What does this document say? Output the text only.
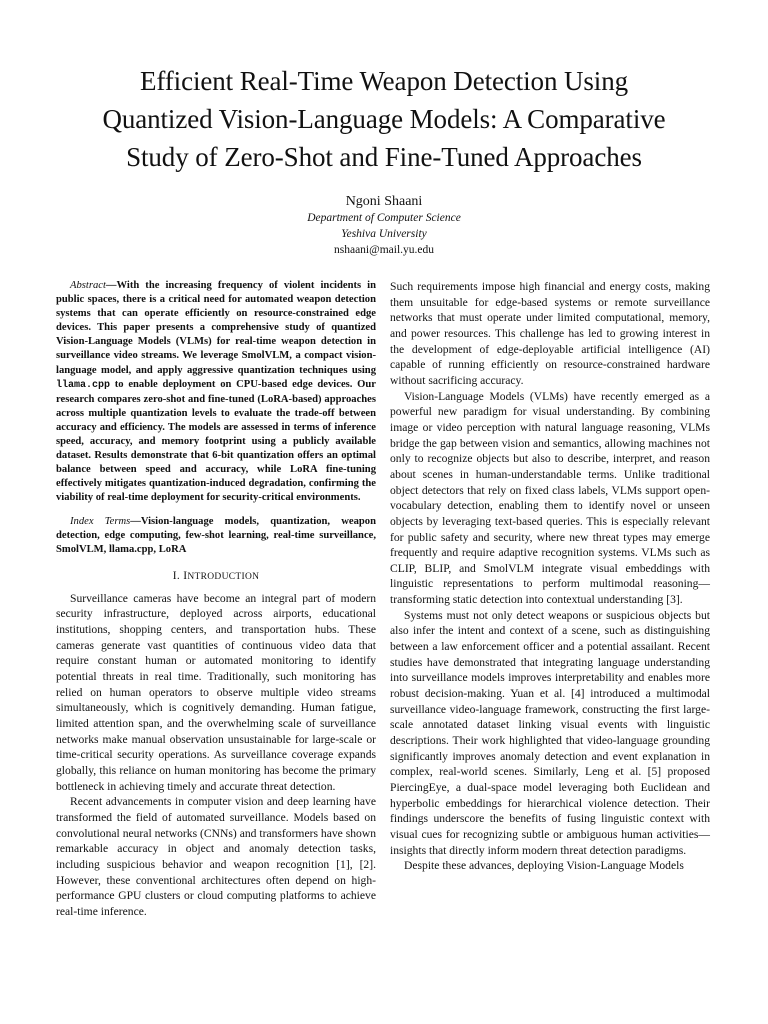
Efficient Real-Time Weapon Detection Using
Quantized Vision-Language Models: A Comparative
Study of Zero-Shot and Fine-Tuned Approaches
Ngoni Shaani
Department of Computer Science
Yeshiva University
nshaani@mail.yu.edu

Abstract—With the increasing frequency of violent incidents in public spaces, there is a critical need for automated weapon detection systems that can operate efficiently on resource-constrained edge devices. This paper presents a comprehensive study of quantized Vision-Language Models (VLMs) for real-time weapon detection in surveillance video streams. We leverage SmolVLM, a compact vision-language model, and apply aggressive quantization techniques using llama.cpp to enable deployment on CPU-based edge devices. Our research compares zero-shot and fine-tuned (LoRA-based) approaches across multiple quantization levels to evaluate the trade-off between accuracy and efficiency. The models are assessed in terms of inference speed, accuracy, and memory footprint using a publicly available dataset. Results demonstrate that 6-bit quantization offers an optimal balance between speed and accuracy, while LoRA fine-tuning effectively mitigates quantization-induced degradation, confirming the viability of real-time deployment for security-critical environments.

Index Terms—Vision-language models, quantization, weapon detection, edge computing, few-shot learning, real-time surveillance, SmolVLM, llama.cpp, LoRA

I. INTRODUCTION

Surveillance cameras have become an integral part of modern security infrastructure, deployed across airports, educational institutions, shopping centers, and transportation hubs. These cameras generate vast quantities of continuous video data that require constant human or automated monitoring to identify potential threats in real time. Traditionally, such monitoring has relied on human operators to observe multiple video streams simultaneously, which is cognitively demanding. Human fatigue, limited attention span, and the overwhelming scale of surveillance networks make manual observation unsustainable for large-scale or time-critical security operations. As surveillance coverage expands globally, this reliance on human monitoring has become the primary bottleneck in achieving timely and accurate threat detection.

Recent advancements in computer vision and deep learning have transformed the field of automated surveillance. Models based on convolutional neural networks (CNNs) and transformers have shown remarkable accuracy in object and anomaly detection tasks, including suspicious behavior and weapon recognition [1], [2]. However, these conventional architectures often depend on high-performance GPU clusters or cloud computing platforms to achieve real-time inference.

Such requirements impose high financial and energy costs, making them unsuitable for edge-based systems or remote surveillance networks that must operate under limited computational, memory, and power resources. This challenge has led to growing interest in the development of edge-deployable artificial intelligence (AI) capable of running efficiently on resource-constrained hardware without sacrificing accuracy.

Vision-Language Models (VLMs) have recently emerged as a powerful new paradigm for visual understanding. By combining image or video perception with natural language reasoning, VLMs bridge the gap between vision and semantics, allowing machines not only to recognize objects but also to describe, interpret, and reason about scenes in human-understandable terms. Unlike traditional object detectors that rely on fixed class labels, VLMs support open-vocabulary detection, enabling them to identify novel or unseen objects by leveraging text-based queries. This is especially relevant for public safety and security, where new threat types may emerge frequently and require adaptive recognition systems. VLMs such as CLIP, BLIP, and SmolVLM integrate visual embeddings with linguistic representations to perform multimodal reasoning—transforming static detection into contextual understanding [3].

Systems must not only detect weapons or suspicious objects but also infer the intent and context of a scene, such as distinguishing between a law enforcement officer and a potential assailant. Recent studies have demonstrated that integrating language understanding into surveillance models improves interpretability and enables more robust decision-making. Yuan et al. [4] introduced a multimodal surveillance video-language framework, constructing the first large-scale annotated dataset linking visual events with linguistic descriptions. Their work highlighted that video-language grounding significantly improves anomaly detection and event explanation in complex, real-world scenes. Similarly, Leng et al. [5] proposed PiercingEye, a dual-space model leveraging both Euclidean and hyperbolic embeddings for hierarchical violence detection. Their findings underscore the benefits of fusing linguistic context with visual cues for recognizing subtle or ambiguous human activities—insights that directly inform modern threat detection paradigms.

Despite these advances, deploying Vision-Language Models
